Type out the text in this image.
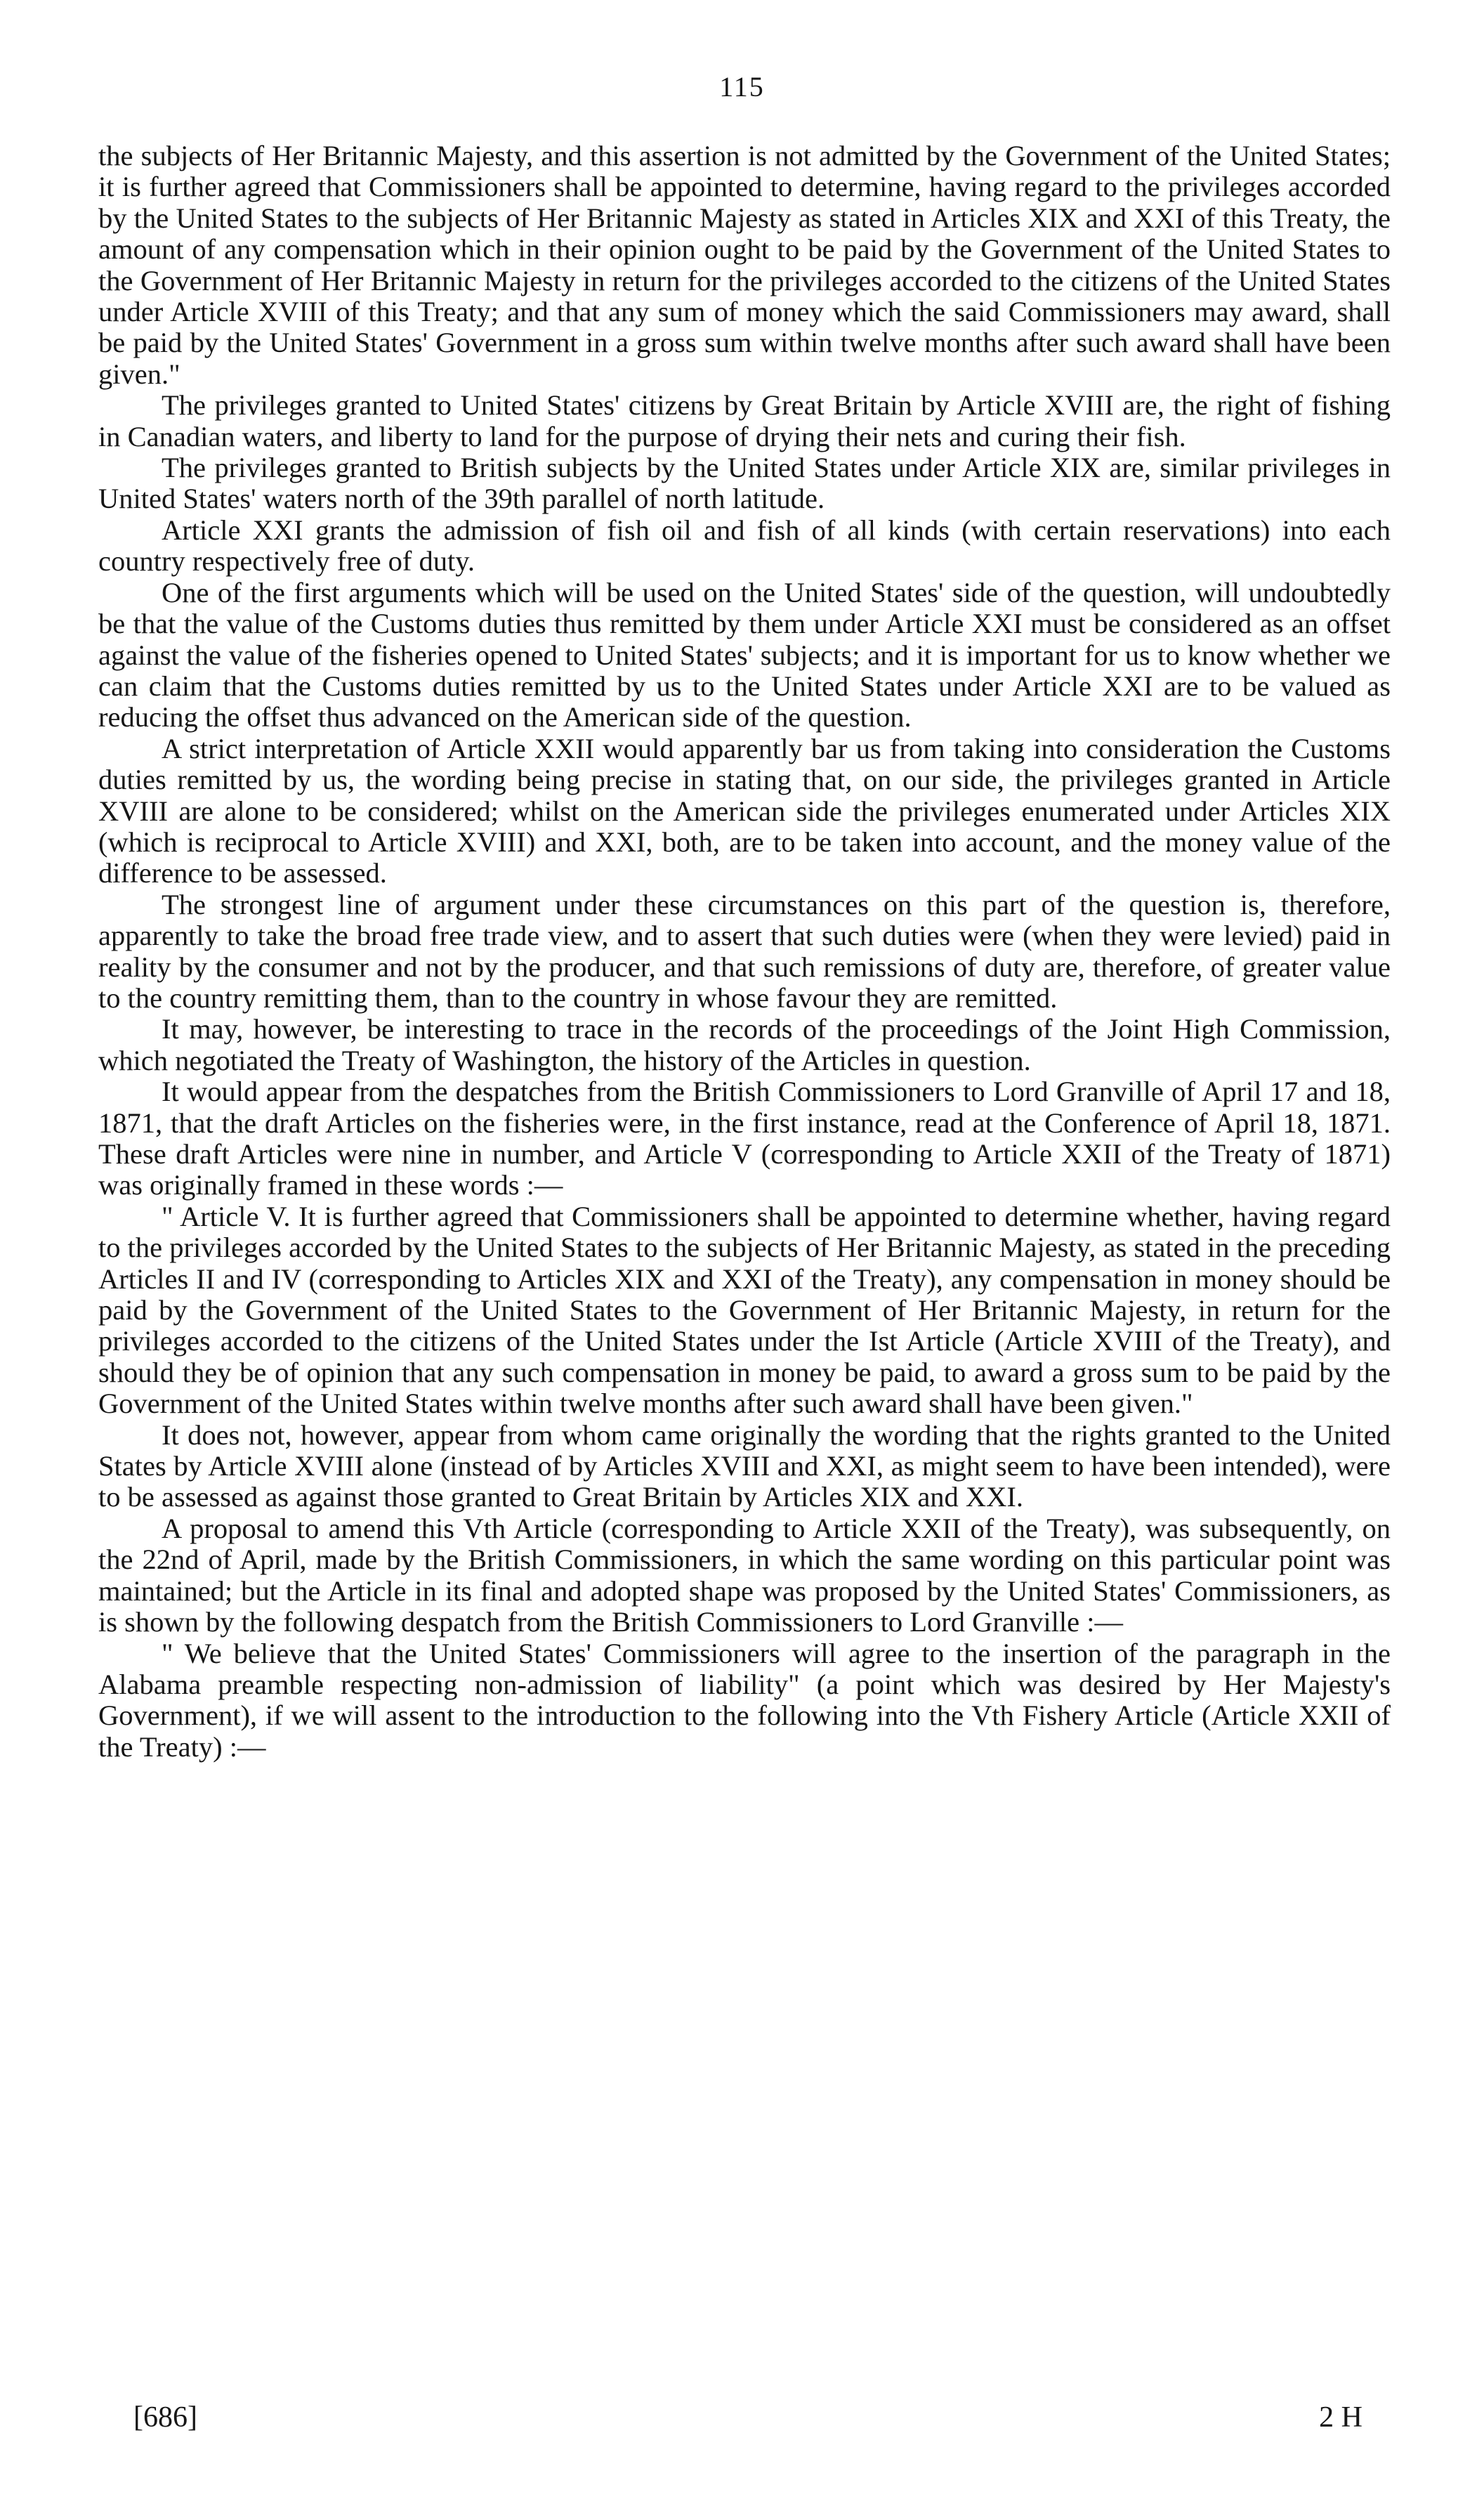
115

the subjects of Her Britannic Majesty, and this assertion is not admitted by the Government of the United States; it is further agreed that Commissioners shall be appointed to determine, having regard to the privileges accorded by the United States to the subjects of Her Britannic Majesty as stated in Articles XIX and XXI of this Treaty, the amount of any compensation which in their opinion ought to be paid by the Government of the United States to the Government of Her Britannic Majesty in return for the privileges accorded to the citizens of the United States under Article XVIII of this Treaty; and that any sum of money which the said Commissioners may award, shall be paid by the United States' Government in a gross sum within twelve months after such award shall have been given."

The privileges granted to United States' citizens by Great Britain by Article XVIII are, the right of fishing in Canadian waters, and liberty to land for the purpose of drying their nets and curing their fish.

The privileges granted to British subjects by the United States under Article XIX are, similar privileges in United States' waters north of the 39th parallel of north latitude.

Article XXI grants the admission of fish oil and fish of all kinds (with certain reservations) into each country respectively free of duty.

One of the first arguments which will be used on the United States' side of the question, will undoubtedly be that the value of the Customs duties thus remitted by them under Article XXI must be considered as an offset against the value of the fisheries opened to United States' subjects; and it is important for us to know whether we can claim that the Customs duties remitted by us to the United States under Article XXI are to be valued as reducing the offset thus advanced on the American side of the question.

A strict interpretation of Article XXII would apparently bar us from taking into consideration the Customs duties remitted by us, the wording being precise in stating that, on our side, the privileges granted in Article XVIII are alone to be considered; whilst on the American side the privileges enumerated under Articles XIX (which is reciprocal to Article XVIII) and XXI, both, are to be taken into account, and the money value of the difference to be assessed.

The strongest line of argument under these circumstances on this part of the question is, therefore, apparently to take the broad free trade view, and to assert that such duties were (when they were levied) paid in reality by the consumer and not by the producer, and that such remissions of duty are, therefore, of greater value to the country remitting them, than to the country in whose favour they are remitted.

It may, however, be interesting to trace in the records of the proceedings of the Joint High Commission, which negotiated the Treaty of Washington, the history of the Articles in question.

It would appear from the despatches from the British Commissioners to Lord Granville of April 17 and 18, 1871, that the draft Articles on the fisheries were, in the first instance, read at the Conference of April 18, 1871. These draft Articles were nine in number, and Article V (corresponding to Article XXII of the Treaty of 1871) was originally framed in these words :—

" Article V. It is further agreed that Commissioners shall be appointed to determine whether, having regard to the privileges accorded by the United States to the subjects of Her Britannic Majesty, as stated in the preceding Articles II and IV (corresponding to Articles XIX and XXI of the Treaty), any compensation in money should be paid by the Government of the United States to the Government of Her Britannic Majesty, in return for the privileges accorded to the citizens of the United States under the Ist Article (Article XVIII of the Treaty), and should they be of opinion that any such compensation in money be paid, to award a gross sum to be paid by the Government of the United States within twelve months after such award shall have been given."

It does not, however, appear from whom came originally the wording that the rights granted to the United States by Article XVIII alone (instead of by Articles XVIII and XXI, as might seem to have been intended), were to be assessed as against those granted to Great Britain by Articles XIX and XXI.

A proposal to amend this Vth Article (corresponding to Article XXII of the Treaty), was subsequently, on the 22nd of April, made by the British Commissioners, in which the same wording on this particular point was maintained; but the Article in its final and adopted shape was proposed by the United States' Commissioners, as is shown by the following despatch from the British Commissioners to Lord Granville :—

" We believe that the United States' Commissioners will agree to the insertion of the paragraph in the Alabama preamble respecting non-admission of liability" (a point which was desired by Her Majesty's Government), if we will assent to the introduction to the following into the Vth Fishery Article (Article XXII of the Treaty) :—

[686]	2 H
